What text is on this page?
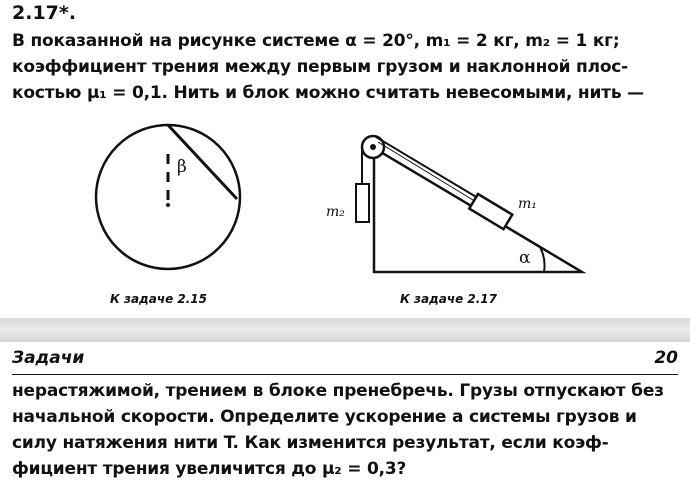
2.17*.
В показанной на рисунке системе α = 20°, m₁ = 2 кг, m₂ = 1 кг;
коэффициент трения между первым грузом и наклонной плос-
костью μ₁ = 0,1. Нить и блок можно считать невесомыми, нить —
β
m₁
m₂
α
К задаче 2.15	К задаче 2.17
Задачи	20
нерастяжимой, трением в блоке пренебречь. Грузы отпускают без
начальной скорости. Определите ускорение a системы грузов и
силу натяжения нити T. Как изменится результат, если коэф-
фициент трения увеличится до μ₂ = 0,3?
